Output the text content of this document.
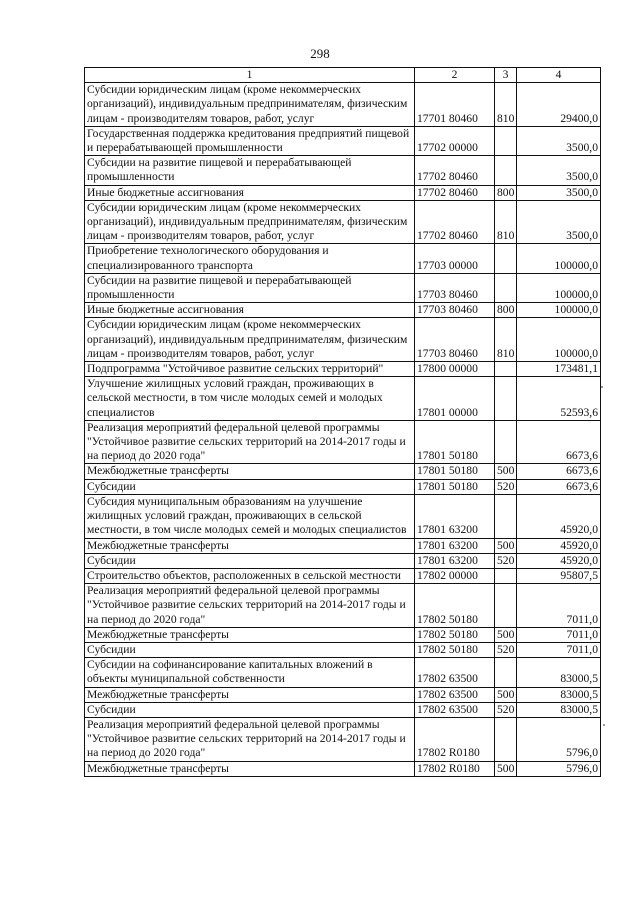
298
1	2	3	4
Субсидии юридическим лицам (кроме некоммерческих организаций), индивидуальным предпринимателям, физическим лицам - производителям товаров, работ, услуг	17701 80460	810	29400,0
Государственная поддержка кредитования предприятий пищевой и перерабатывающей промышленности	17702 00000		3500,0
Субсидии на развитие пищевой и перерабатывающей промышленности	17702 80460		3500,0
Иные бюджетные ассигнования	17702 80460	800	3500,0
Субсидии юридическим лицам (кроме некоммерческих организаций), индивидуальным предпринимателям, физическим лицам - производителям товаров, работ, услуг	17702 80460	810	3500,0
Приобретение технологического оборудования и специализированного транспорта	17703 00000		100000,0
Субсидии на развитие пищевой и перерабатывающей промышленности	17703 80460		100000,0
Иные бюджетные ассигнования	17703 80460	800	100000,0
Субсидии юридическим лицам (кроме некоммерческих организаций), индивидуальным предпринимателям, физическим лицам - производителям товаров, работ, услуг	17703 80460	810	100000,0
Подпрограмма "Устойчивое развитие сельских территорий"	17800 00000		173481,1
Улучшение жилищных условий граждан, проживающих в сельской местности, в том числе молодых семей и молодых специалистов	17801 00000		52593,6
Реализация мероприятий федеральной целевой программы "Устойчивое развитие сельских территорий на 2014-2017 годы и на период до 2020 года"	17801 50180		6673,6
Межбюджетные трансферты	17801 50180	500	6673,6
Субсидии	17801 50180	520	6673,6
Субсидия муниципальным образованиям на улучшение жилищных условий граждан, проживающих в сельской местности, в том числе молодых семей и молодых специалистов	17801 63200		45920,0
Межбюджетные трансферты	17801 63200	500	45920,0
Субсидии	17801 63200	520	45920,0
Строительство объектов, расположенных в сельской местности	17802 00000		95807,5
Реализация мероприятий федеральной целевой программы "Устойчивое развитие сельских территорий на 2014-2017 годы и на период до 2020 года"	17802 50180		7011,0
Межбюджетные трансферты	17802 50180	500	7011,0
Субсидии	17802 50180	520	7011,0
Субсидии на софинансирование капитальных вложений в объекты муниципальной собственности	17802 63500		83000,5
Межбюджетные трансферты	17802 63500	500	83000,5
Субсидии	17802 63500	520	83000,5
Реализация мероприятий федеральной целевой программы "Устойчивое развитие сельских территорий на 2014-2017 годы и на период до 2020 года"	17802 R0180		5796,0
Межбюджетные трансферты	17802 R0180	500	5796,0
